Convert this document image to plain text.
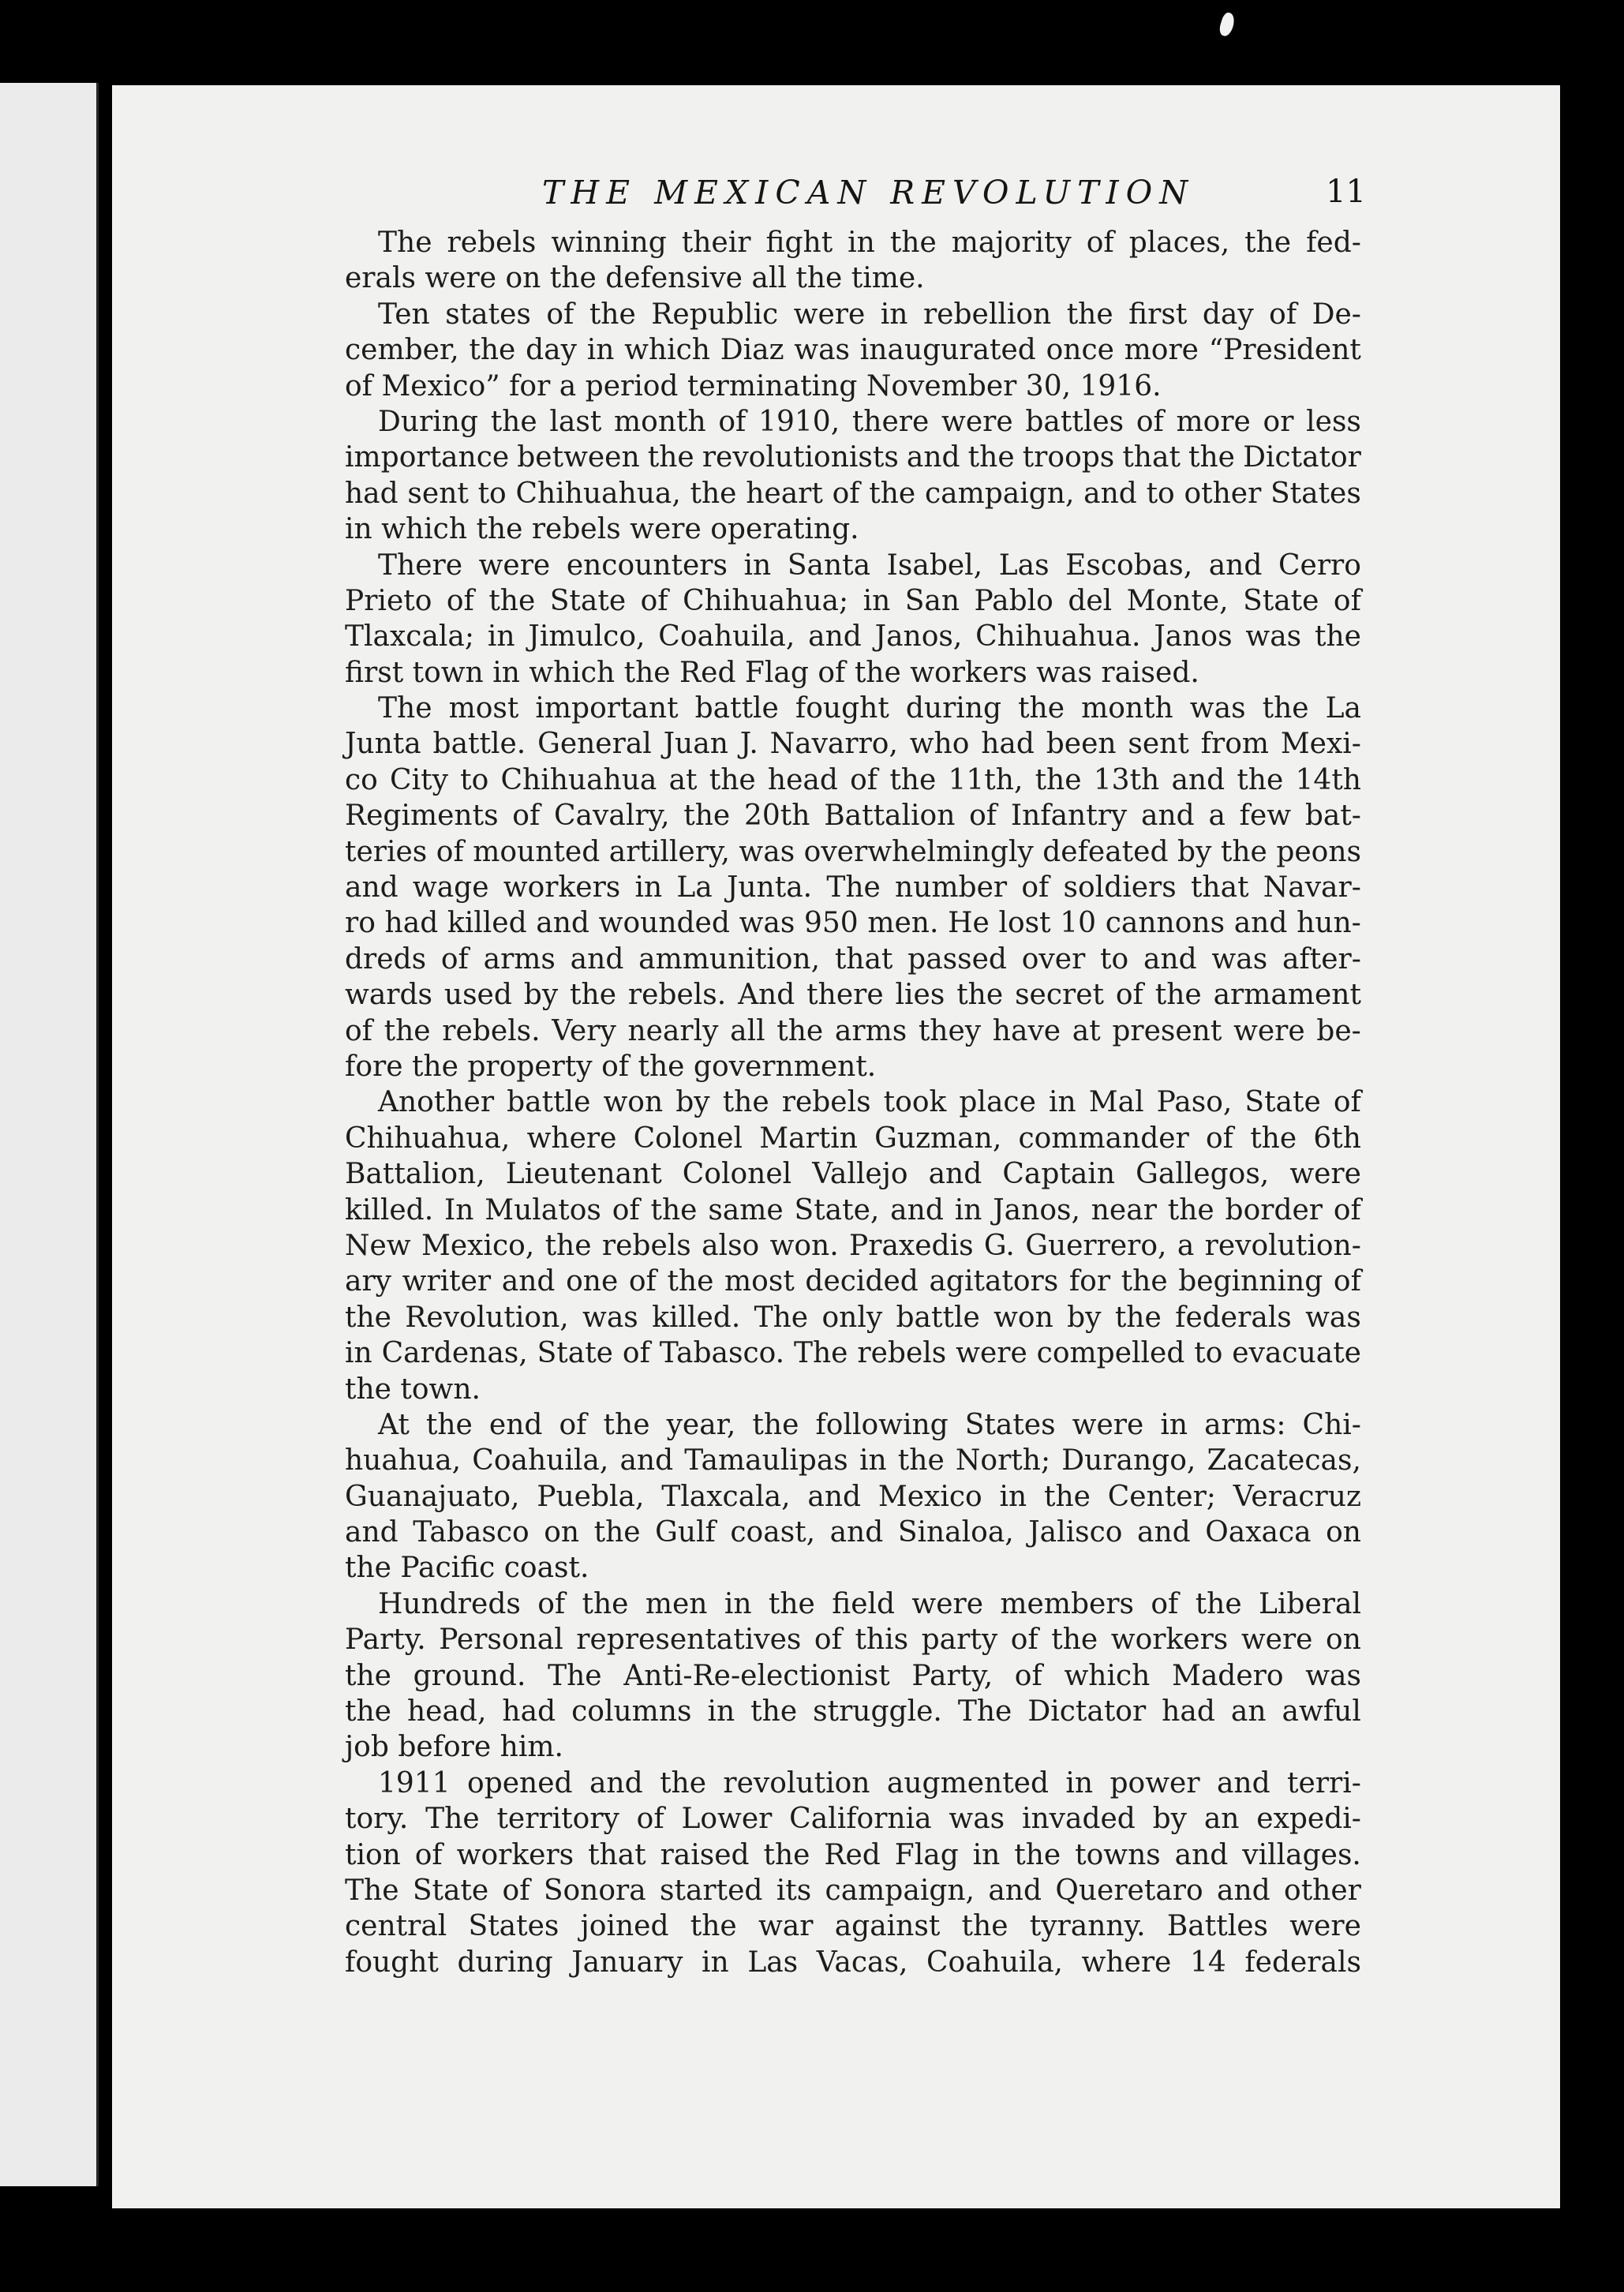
THE MEXICAN REVOLUTION	11
The rebels winning their fight in the majority of places, the fed-
erals were on the defensive all the time.
Ten states of the Republic were in rebellion the first day of De-
cember, the day in which Diaz was inaugurated once more “President
of Mexico” for a period terminating November 30, 1916.
During the last month of 1910, there were battles of more or less
importance between the revolutionists and the troops that the Dictator
had sent to Chihuahua, the heart of the campaign, and to other States
in which the rebels were operating.
There were encounters in Santa Isabel, Las Escobas, and Cerro
Prieto of the State of Chihuahua; in San Pablo del Monte, State of
Tlaxcala; in Jimulco, Coahuila, and Janos, Chihuahua. Janos was the
first town in which the Red Flag of the workers was raised.
The most important battle fought during the month was the La
Junta battle. General Juan J. Navarro, who had been sent from Mexi-
co City to Chihuahua at the head of the 11th, the 13th and the 14th
Regiments of Cavalry, the 20th Battalion of Infantry and a few bat-
teries of mounted artillery, was overwhelmingly defeated by the peons
and wage workers in La Junta. The number of soldiers that Navar-
ro had killed and wounded was 950 men. He lost 10 cannons and hun-
dreds of arms and ammunition, that passed over to and was after-
wards used by the rebels. And there lies the secret of the armament
of the rebels. Very nearly all the arms they have at present were be-
fore the property of the government.
Another battle won by the rebels took place in Mal Paso, State of
Chihuahua, where Colonel Martin Guzman, commander of the 6th
Battalion, Lieutenant Colonel Vallejo and Captain Gallegos, were
killed. In Mulatos of the same State, and in Janos, near the border of
New Mexico, the rebels also won. Praxedis G. Guerrero, a revolution-
ary writer and one of the most decided agitators for the beginning of
the Revolution, was killed. The only battle won by the federals was
in Cardenas, State of Tabasco. The rebels were compelled to evacuate
the town.
At the end of the year, the following States were in arms: Chi-
huahua, Coahuila, and Tamaulipas in the North; Durango, Zacatecas,
Guanajuato, Puebla, Tlaxcala, and Mexico in the Center; Veracruz
and Tabasco on the Gulf coast, and Sinaloa, Jalisco and Oaxaca on
the Pacific coast.
Hundreds of the men in the field were members of the Liberal
Party. Personal representatives of this party of the workers were on
the ground. The Anti-Re-electionist Party, of which Madero was
the head, had columns in the struggle. The Dictator had an awful
job before him.
1911 opened and the revolution augmented in power and terri-
tory. The territory of Lower California was invaded by an expedi-
tion of workers that raised the Red Flag in the towns and villages.
The State of Sonora started its campaign, and Queretaro and other
central States joined the war against the tyranny. Battles were
fought during January in Las Vacas, Coahuila, where 14 federals
